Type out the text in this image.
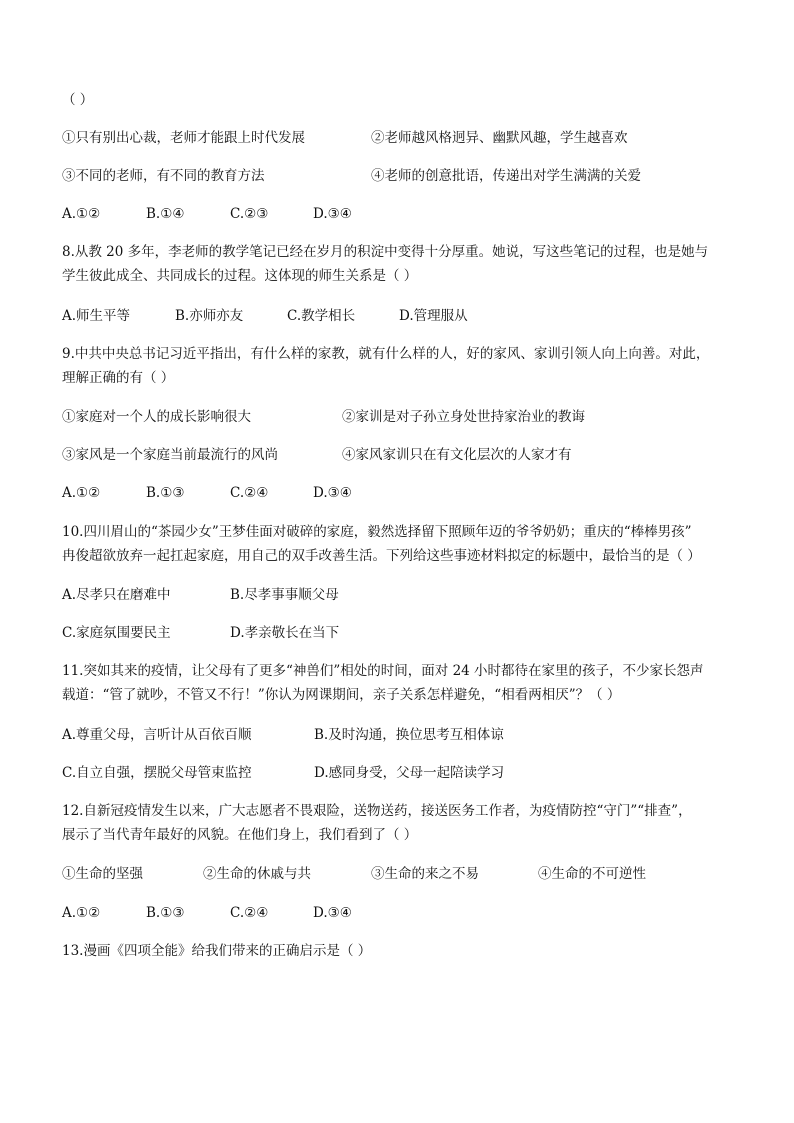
（ ）
①只有别出心裁，老师才能跟上时代发展	②老师越风格迥异、幽默风趣，学生越喜欢
③不同的老师，有不同的教育方法	④老师的创意批语，传递出对学生满满的关爱
A.①②	B.①④	C.②③	D.③④
8.从教 20 多年，李老师的教学笔记已经在岁月的积淀中变得十分厚重。她说，写这些笔记的过程，也是她与
学生彼此成全、共同成长的过程。这体现的师生关系是（ ）
A.师生平等	B.亦师亦友	C.教学相长	D.管理服从
9.中共中央总书记习近平指出，有什么样的家教，就有什么样的人，好的家风、家训引领人向上向善。对此，
理解正确的有（ ）
①家庭对一个人的成长影响很大	②家训是对子孙立身处世持家治业的教诲
③家风是一个家庭当前最流行的风尚	④家风家训只在有文化层次的人家才有
A.①②	B.①③	C.②④	D.③④
10.四川眉山的“茶园少女”王梦佳面对破碎的家庭，毅然选择留下照顾年迈的爷爷奶奶；重庆的“棒棒男孩”
冉俊超欲放弃一起扛起家庭，用自己的双手改善生活。下列给这些事迹材料拟定的标题中，最恰当的是（ ）
A.尽孝只在磨难中	B.尽孝事事顺父母
C.家庭氛围要民主	D.孝亲敬长在当下
11.突如其来的疫情，让父母有了更多“神兽们”相处的时间，面对 24 小时都待在家里的孩子，不少家长怨声
载道：“管了就吵，不管又不行！”你认为网课期间，亲子关系怎样避免，“相看两相厌”？（ ）
A.尊重父母，言听计从百依百顺	B.及时沟通，换位思考互相体谅
C.自立自强，摆脱父母管束监控	D.感同身受，父母一起陪读学习
12.自新冠疫情发生以来，广大志愿者不畏艰险，送物送药，接送医务工作者，为疫情防控“守门”“排查”，
展示了当代青年最好的风貌。在他们身上，我们看到了（ ）
①生命的坚强	②生命的休戚与共	③生命的来之不易	④生命的不可逆性
A.①②	B.①③	C.②④	D.③④
13.漫画《四项全能》给我们带来的正确启示是（ ）
